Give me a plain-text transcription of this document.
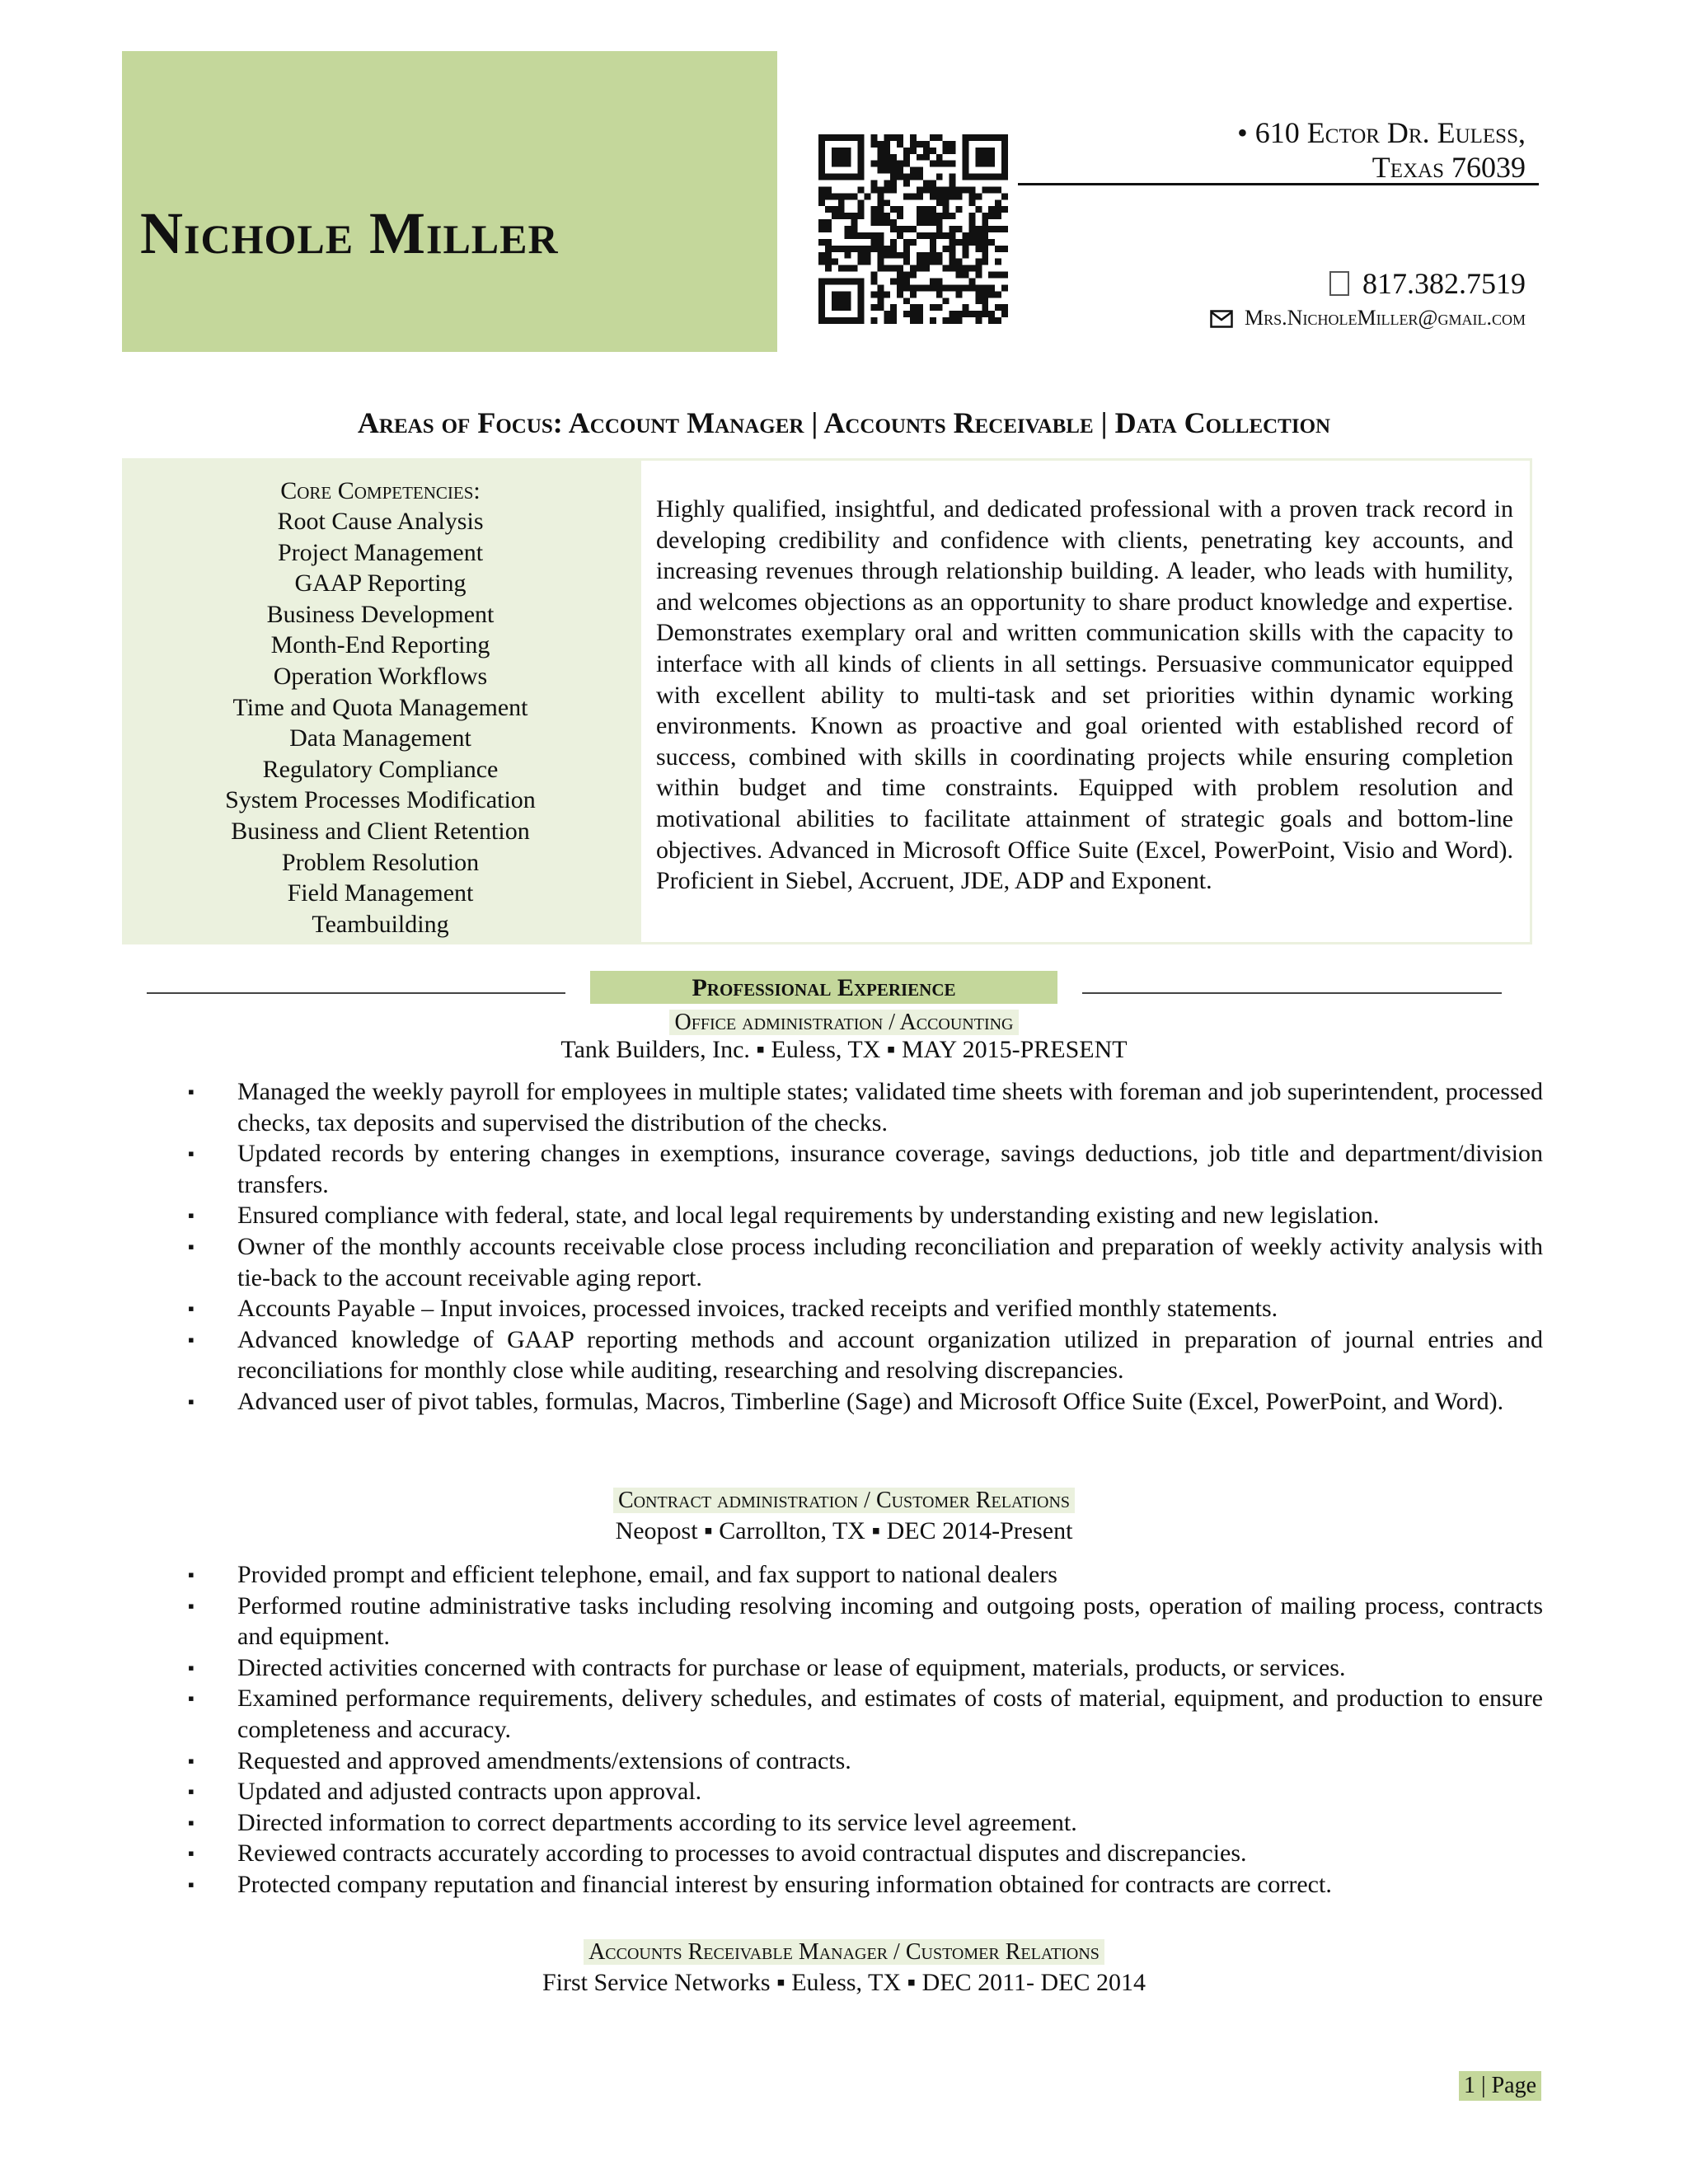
Nichole Miller
• 610 Ector Dr. Euless,
Texas 76039
817.382.7519
Mrs.NicholeMiller@gmail.com
Areas of Focus: Account Manager | Accounts Receivable | Data Collection
Core Competencies:
Root Cause Analysis
Project Management
GAAP Reporting
Business Development
Month-End Reporting
Operation Workflows
Time and Quota Management
Data Management
Regulatory Compliance
System Processes Modification
Business and Client Retention
Problem Resolution
Field Management
Teambuilding
Highly qualified, insightful, and dedicated professional with a proven track record in developing credibility and confidence with clients, penetrating key accounts, and increasing revenues through relationship building. A leader, who leads with humility, and welcomes objections as an opportunity to share product knowledge and expertise. Demonstrates exemplary oral and written communication skills with the capacity to interface with all kinds of clients in all settings. Persuasive communicator equipped with excellent ability to multi-task and set priorities within dynamic working environments. Known as proactive and goal oriented with established record of success, combined with skills in coordinating projects while ensuring completion within budget and time constraints. Equipped with problem resolution and motivational abilities to facilitate attainment of strategic goals and bottom-line objectives. Advanced in Microsoft Office Suite (Excel, PowerPoint, Visio and Word). Proficient in Siebel, Accruent, JDE, ADP and Exponent.
Professional Experience
Office administration / Accounting
Tank Builders, Inc. ▪ Euless, TX ▪ MAY 2015-PRESENT
▪ Managed the weekly payroll for employees in multiple states; validated time sheets with foreman and job superintendent, processed checks, tax deposits and supervised the distribution of the checks.
▪ Updated records by entering changes in exemptions, insurance coverage, savings deductions, job title and department/division transfers.
▪ Ensured compliance with federal, state, and local legal requirements by understanding existing and new legislation.
▪ Owner of the monthly accounts receivable close process including reconciliation and preparation of weekly activity analysis with tie-back to the account receivable aging report.
▪ Accounts Payable – Input invoices, processed invoices, tracked receipts and verified monthly statements.
▪ Advanced knowledge of GAAP reporting methods and account organization utilized in preparation of journal entries and reconciliations for monthly close while auditing, researching and resolving discrepancies.
▪ Advanced user of pivot tables, formulas, Macros, Timberline (Sage) and Microsoft Office Suite (Excel, PowerPoint, and Word).
Contract administration / Customer Relations
Neopost ▪ Carrollton, TX ▪ DEC 2014-Present
▪ Provided prompt and efficient telephone, email, and fax support to national dealers
▪ Performed routine administrative tasks including resolving incoming and outgoing posts, operation of mailing process, contracts and equipment.
▪ Directed activities concerned with contracts for purchase or lease of equipment, materials, products, or services.
▪ Examined performance requirements, delivery schedules, and estimates of costs of material, equipment, and production to ensure completeness and accuracy.
▪ Requested and approved amendments/extensions of contracts.
▪ Updated and adjusted contracts upon approval.
▪ Directed information to correct departments according to its service level agreement.
▪ Reviewed contracts accurately according to processes to avoid contractual disputes and discrepancies.
▪ Protected company reputation and financial interest by ensuring information obtained for contracts are correct.
Accounts Receivable Manager / Customer Relations
First Service Networks ▪ Euless, TX ▪ DEC 2011- DEC 2014
1 | Page
